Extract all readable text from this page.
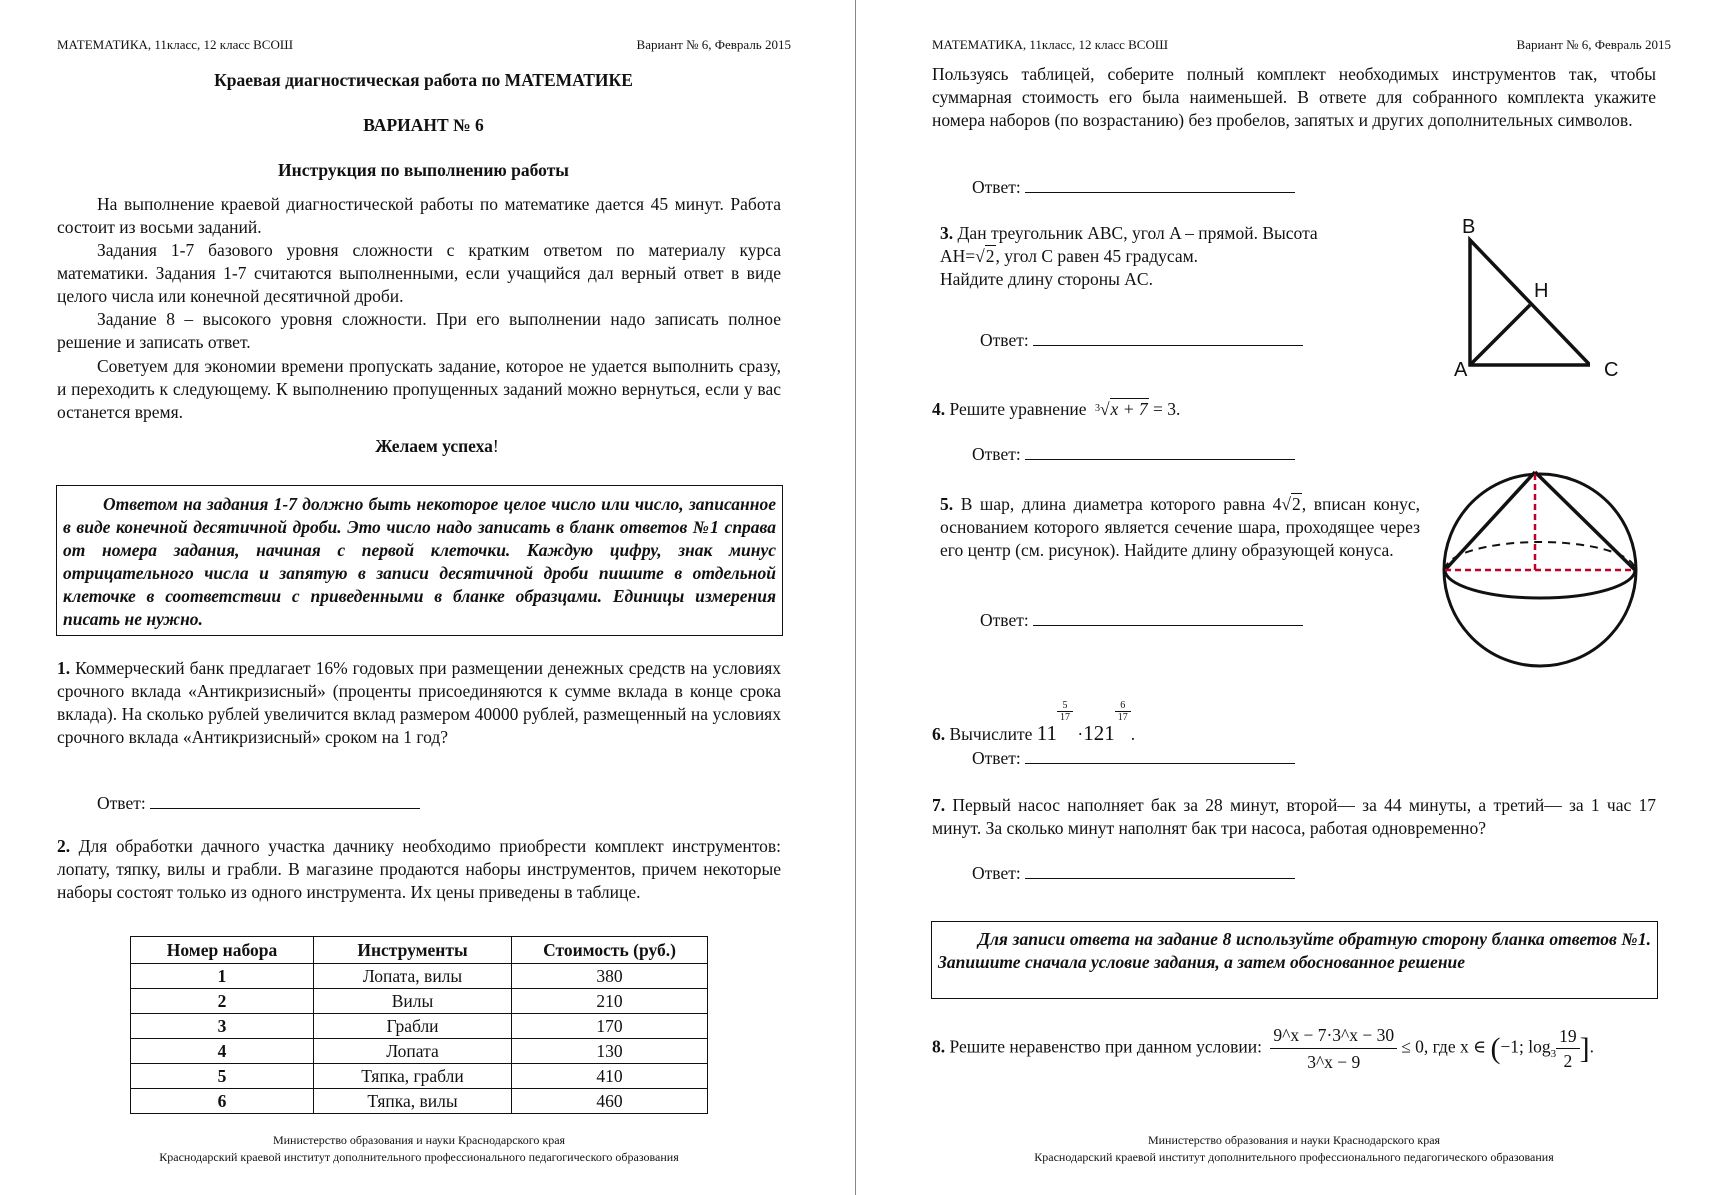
МАТЕМАТИКА, 11класс, 12 класс ВСОШ	Вариант № 6, Февраль 2015
Краевая диагностическая работа по МАТЕМАТИКЕ
ВАРИАНТ № 6
Инструкция по выполнению работы
На выполнение краевой диагностической работы по математике дается 45 минут. Работа состоит из восьми заданий.
Задания 1-7 базового уровня сложности с кратким ответом по материалу курса математики. Задания 1-7 считаются выполненными, если учащийся дал верный ответ в виде целого числа или конечной десятичной дроби.
Задание 8 – высокого уровня сложности. При его выполнении надо записать полное решение и записать ответ.
Советуем для экономии времени пропускать задание, которое не удается выполнить сразу, и переходить к следующему. К выполнению пропущенных заданий можно вернуться, если у вас останется время.
Желаем успеха!
Ответом на задания 1-7 должно быть некоторое целое число или число, записанное в виде конечной десятичной дроби. Это число надо записать в бланк ответов №1 справа от номера задания, начиная с первой клеточки. Каждую цифру, знак минус отрицательного числа и запятую в записи десятичной дроби пишите в отдельной клеточке в соответствии с приведенными в бланке образцами. Единицы измерения писать не нужно.
1. Коммерческий банк предлагает 16% годовых при размещении денежных средств на условиях срочного вклада «Антикризисный» (проценты присоединяются к сумме вклада в конце срока вклада). На сколько рублей увеличится вклад размером 40000 рублей, размещенный на условиях срочного вклада «Антикризисный» сроком на 1 год?
Ответ:
2. Для обработки дачного участка дачнику необходимо приобрести комплект инструментов: лопату, тяпку, вилы и грабли. В магазине продаются наборы инструментов, причем некоторые наборы состоят только из одного инструмента. Их цены приведены в таблице.
Номер набора	Инструменты	Стоимость (руб.)
1	Лопата, вилы	380
2	Вилы	210
3	Грабли	170
4	Лопата	130
5	Тяпка, грабли	410
6	Тяпка, вилы	460
Министерство образования и науки Краснодарского края
Краснодарский краевой институт дополнительного профессионального педагогического образования
МАТЕМАТИКА, 11класс, 12 класс ВСОШ	Вариант № 6, Февраль 2015
Пользуясь таблицей, соберите полный комплект необходимых инструментов так, чтобы суммарная стоимость его была наименьшей. В ответе для собранного комплекта укажите номера наборов (по возрастанию) без пробелов, запятых и других дополнительных символов.
Ответ:
3. Дан треугольник ABC, угол A – прямой. Высота
AH=√2, угол C равен 45 градусам.
Найдите длину стороны AC.
Ответ:
B
H
A	C
4. Решите уравнение $^3$√x + 7 = 3.
Ответ:
5. В шар, длина диаметра которого равна 4√2, вписан конус, основанием которого является сечение шара, проходящее через его центр (см. рисунок). Найдите длину образующей конуса.
Ответ:
6. Вычислите 11
$\frac{5}{17}$
·121
$\frac{6}{17}$
.
Ответ:
7. Первый насос наполняет бак за 28 минут, второй— за 44 минуты, а третий— за 1 час 17 минут. За сколько минут наполнят бак три насоса, работая одновременно?
Ответ:
Для записи ответа на задание 8 используйте обратную сторону бланка ответов №1. Запишите сначала условие задания, а затем обоснованное решение
8. Решите неравенство при данном условии: $\frac{9\^{}x - 7\cdot 3\^{}x - 30}{3\^{}x - 9} \le 0$, где x ∈ (−1; $\log_3 \frac{19}{2}$ ].
Министерство образования и науки Краснодарского края
Краснодарский краевой институт дополнительного профессионального педагогического образования
